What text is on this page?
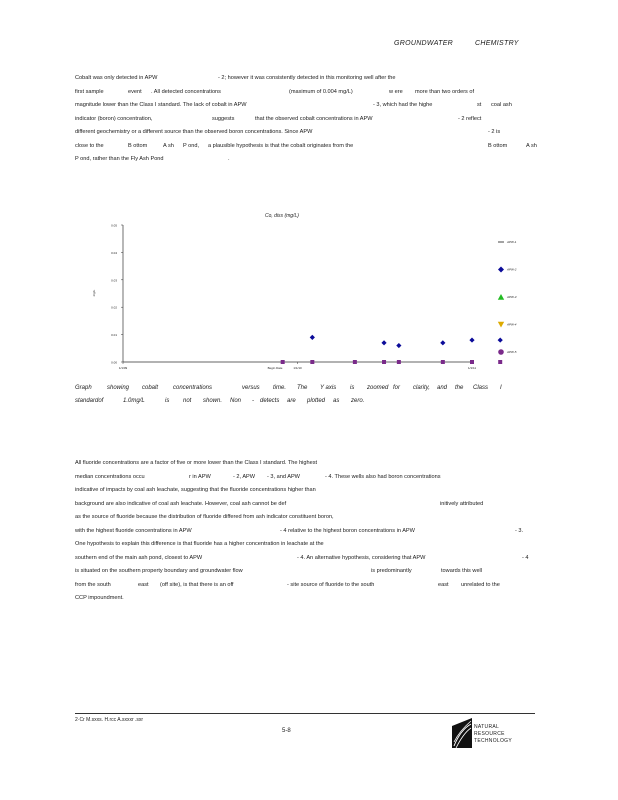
GROUNDWATER	CHEMISTRY
Cobalt was only detected in APW	- 2; however it was consistently detected in this monitoring well after the
first sample	event . All detected concentrations	(maximum of 0.004 mg/L)	w ere more than two orders of
magnitude lower than the Class I standard. The lack of cobalt in APW	- 3, which had the highe	st coal ash
indicator (boron) concentration,	suggests	that the observed cobalt concentrations in APW	- 2 reflect
different geochemistry or a different source than the observed boron concentrations. Since APW	- 2 is
close to the	B ottom	A sh P ond, a plausible hypothesis is that the cobalt originates from the	B ottom	A sh
P ond, rather than the Fly Ash Pond	.
Co, diss (mg/L)
0.00
0.01
0.02
0.03
0.04
0.05
1/1/09	1/1/10	1/1/11
Begin Date
mg/L
APW-1
APW-2
APW-3
APW-4
APW-5
Graph	showing cobalt concentrations	versus time. The Y axis is zoomed for clarity, and the Class I
standardof	1.0mg/L	is not shown. Non - detects are plotted as zero.
All fluoride concentrations are a factor of five or more lower than the Class I standard. The highest
median concentrations occu	r in APW	- 2, APW - 3, and APW	- 4. These wells also had boron concentrations
indicative of impacts by coal ash leachate, suggesting that the fluoride concentrations higher than
background are also indicative of coal ash leachate. However, coal ash cannot be def	initively attributed
as the source of fluoride because the distribution of fluoride differed from ash indicator constituent boron,
with the highest fluoride concentrations in APW	- 4 relative to the highest boron concentrations in APW	- 3.
One hypothesis to explain this difference is that fluoride has a higher concentration in leachate at the
southern end of the main ash pond, closest to APW	- 4. An alternative hypothesis, considering that APW	- 4
is situated on the southern property boundary and groundwater flow	is predominantly	towards this well
from the south	east (off site), is that there is an off	- site source of fluoride to the south	east unrelated to the
CCP impoundment.
2·Cr M.sxxs. H.rcc A.sxxxr .sxr
5-8
NATURAL
RESOURCE
TECHNOLOGY
